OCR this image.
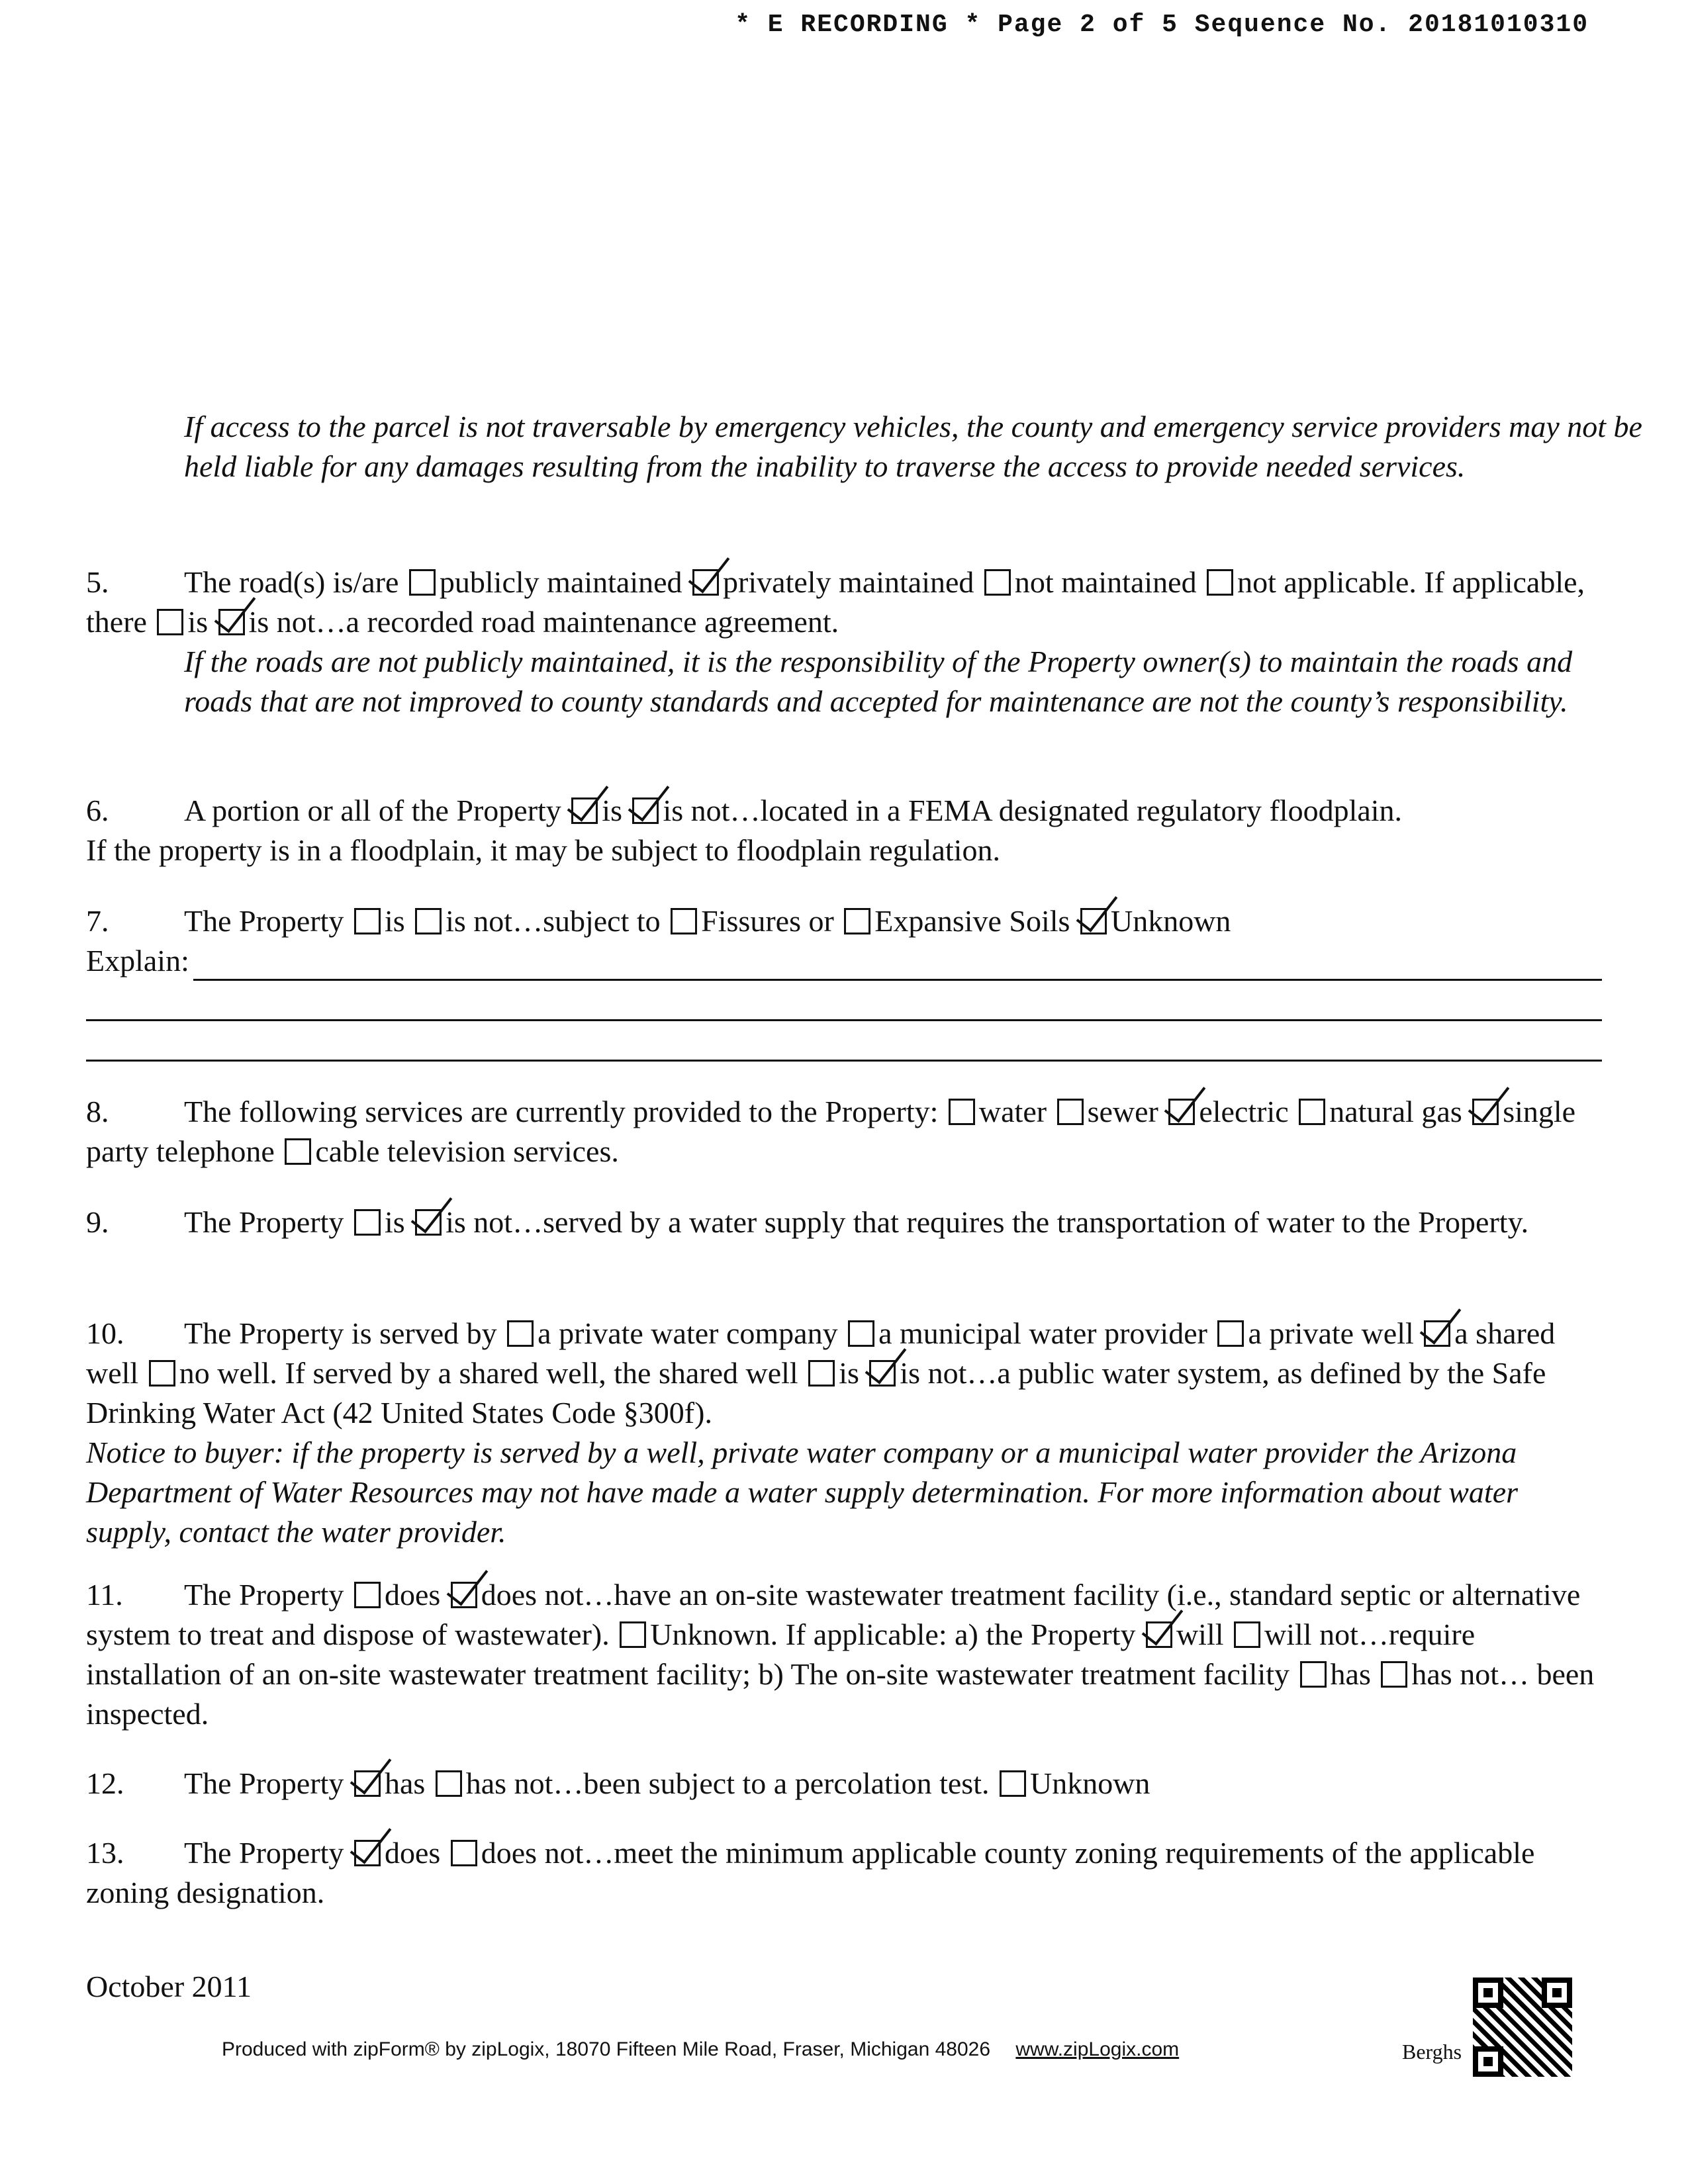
* E RECORDING * Page 2 of 5 Sequence No. 20181010310
If access to the parcel is not traversable by emergency vehicles, the county and emergency service providers may not be held liable for any damages resulting from the inability to traverse the access to provide needed services.
5. The road(s) is/are publicly maintained privately maintained not maintained not applicable. If applicable, there is is not…a recorded road maintenance agreement.
If the roads are not publicly maintained, it is the responsibility of the Property owner(s) to maintain the roads and roads that are not improved to county standards and accepted for maintenance are not the county’s responsibility.
6. A portion or all of the Property is is not…located in a FEMA designated regulatory floodplain.
If the property is in a floodplain, it may be subject to floodplain regulation.
7. The Property is is not…subject to Fissures or Expansive Soils Unknown
Explain:
8. The following services are currently provided to the Property: water sewer electric natural gas single party telephone cable television services.
9. The Property is is not…served by a water supply that requires the transportation of water to the Property.
10. The Property is served by a private water company a municipal water provider a private well a shared well no well. If served by a shared well, the shared well is is not…a public water system, as defined by the Safe Drinking Water Act (42 United States Code §300f).
Notice to buyer: if the property is served by a well, private water company or a municipal water provider the Arizona Department of Water Resources may not have made a water supply determination. For more information about water supply, contact the water provider.
11. The Property does does not…have an on-site wastewater treatment facility (i.e., standard septic or alternative system to treat and dispose of wastewater). Unknown. If applicable: a) the Property will will not…require installation of an on-site wastewater treatment facility; b) The on-site wastewater treatment facility has has not… been inspected.
12. The Property has has not…been subject to a percolation test. Unknown
13. The Property does does not…meet the minimum applicable county zoning requirements of the applicable zoning designation.
October 2011
Produced with zipForm® by zipLogix, 18070 Fifteen Mile Road, Fraser, Michigan 48026 www.zipLogix.com	Berghs
